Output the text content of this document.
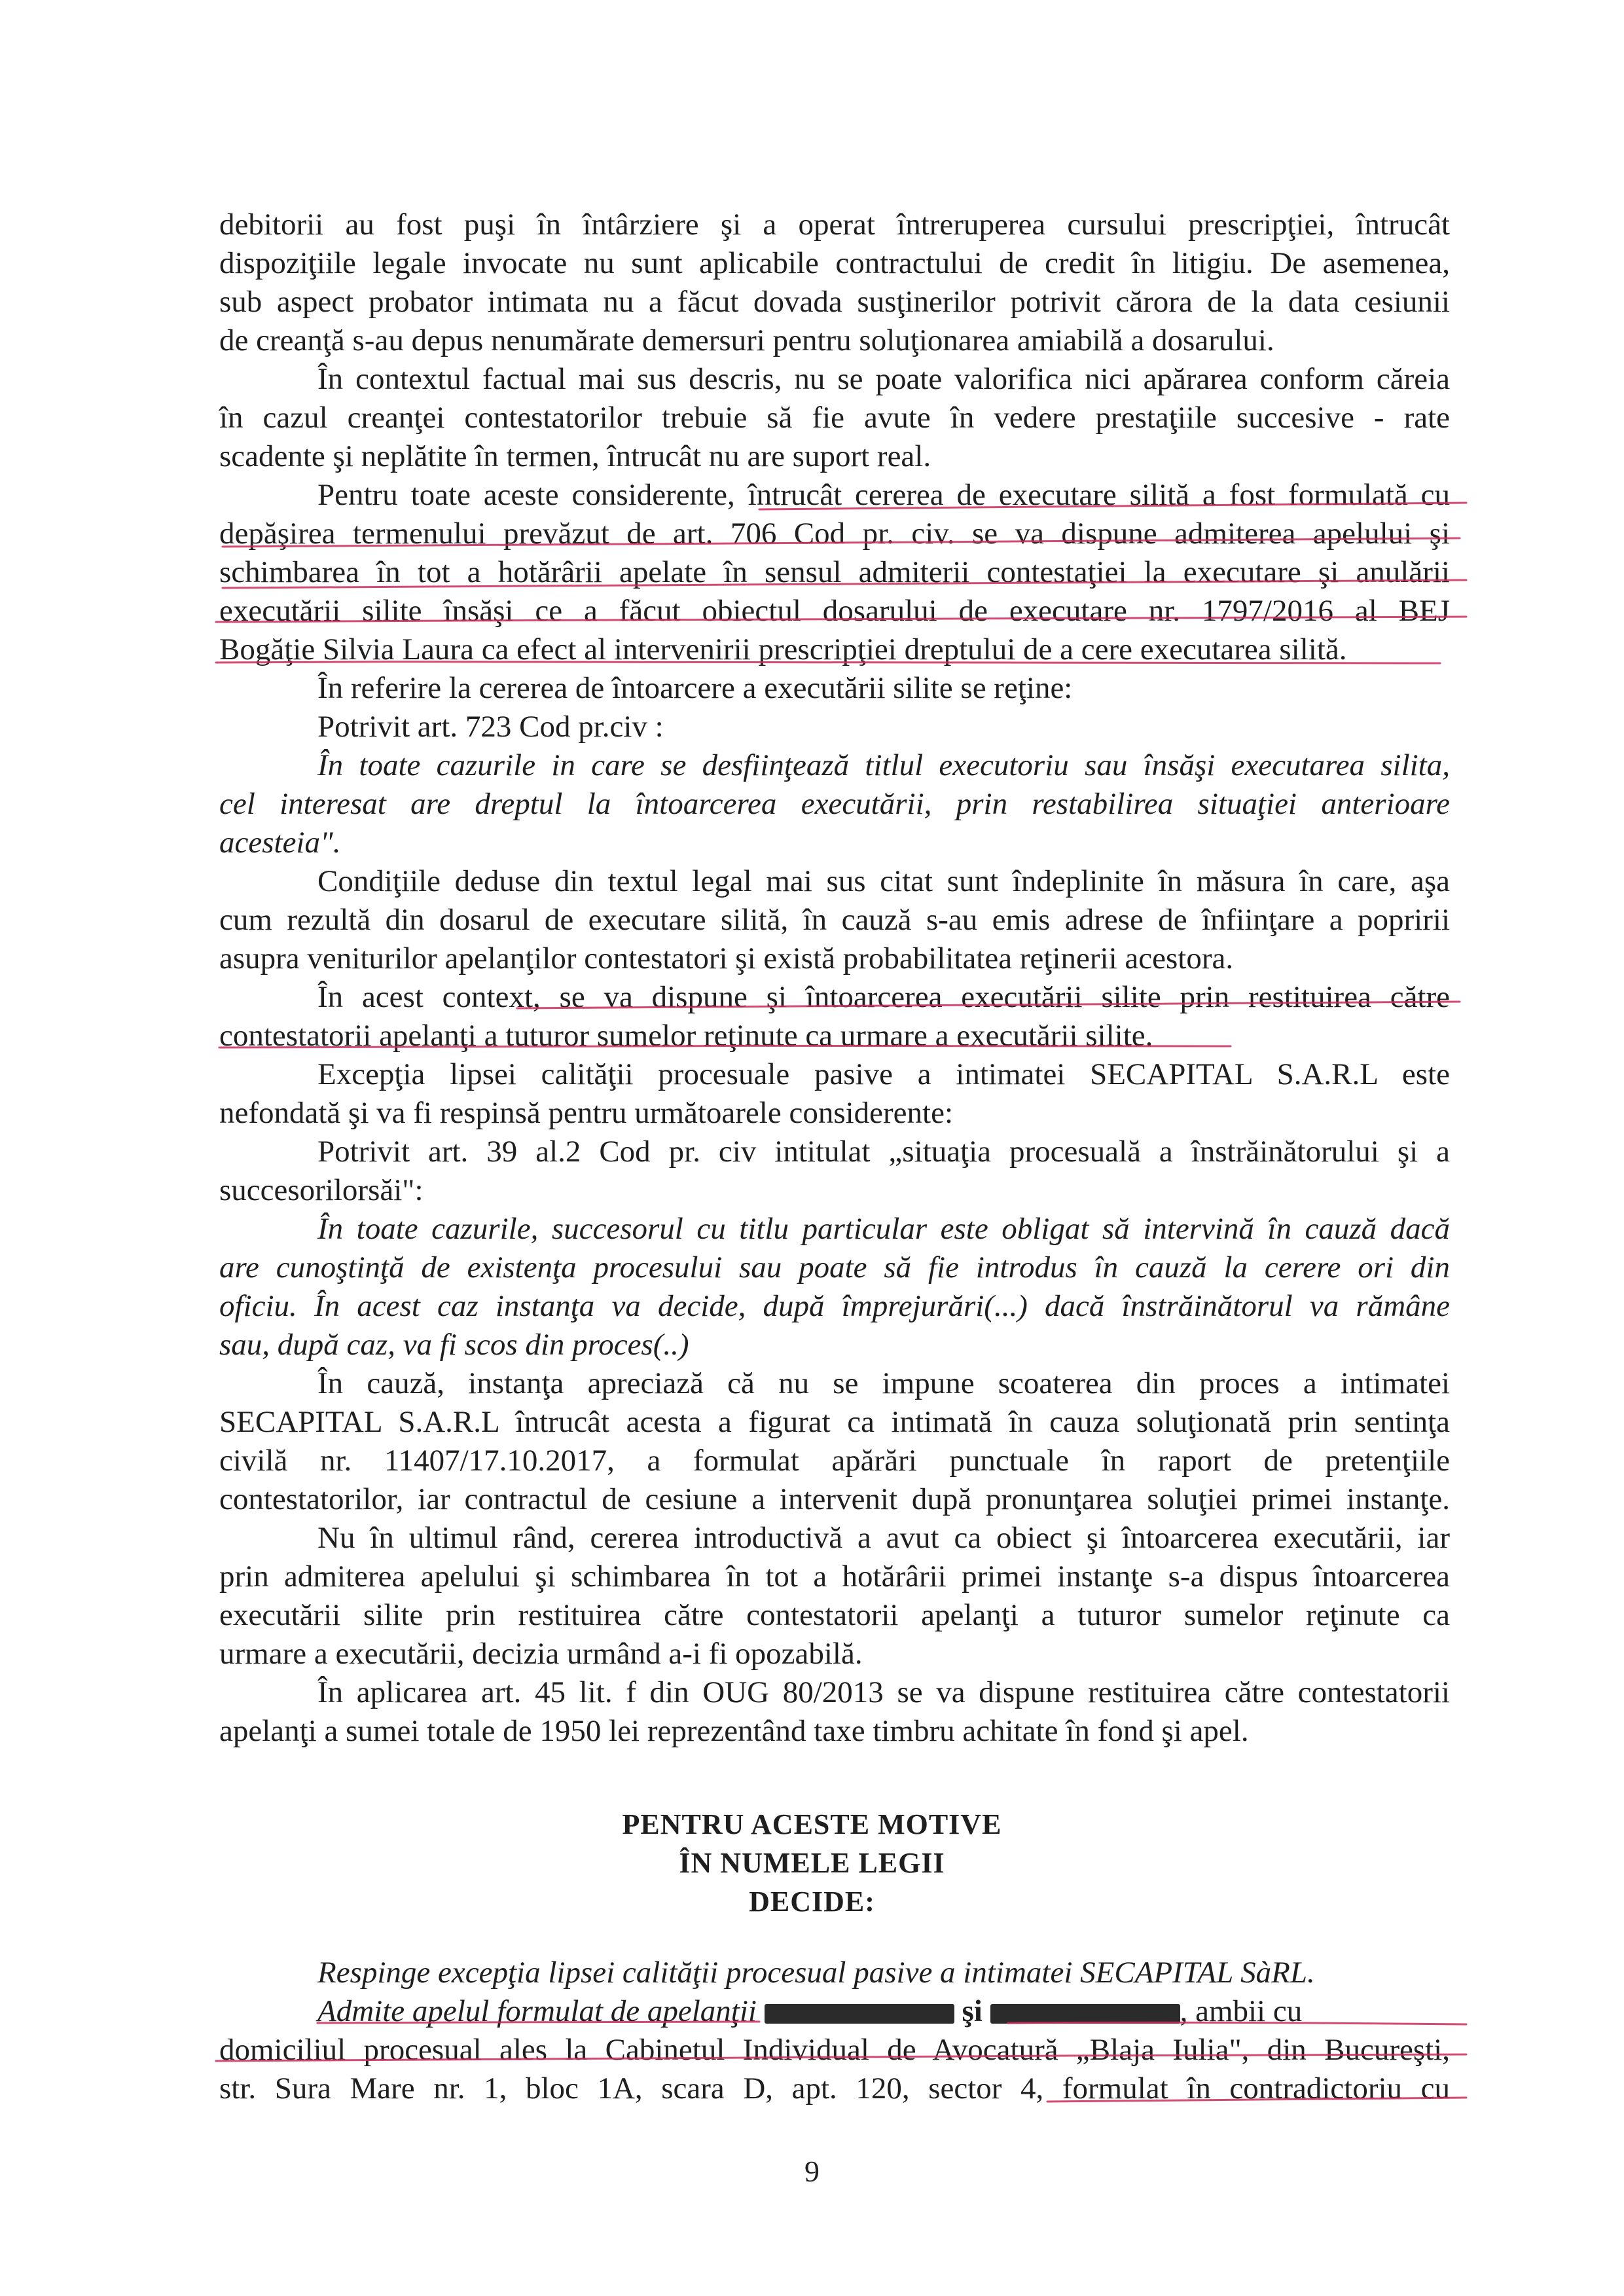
debitorii au fost puşi în întârziere şi a operat întreruperea cursului prescripţiei, întrucât
dispoziţiile legale invocate nu sunt aplicabile contractului de credit în litigiu. De asemenea,
sub aspect probator intimata nu a făcut dovada susţinerilor potrivit cărora de la data cesiunii
de creanţă s-au depus nenumărate demersuri pentru soluţionarea amiabilă a dosarului.
În contextul factual mai sus descris, nu se poate valorifica nici apărarea conform căreia
în cazul creanţei contestatorilor trebuie să fie avute în vedere prestaţiile succesive - rate
scadente şi neplătite în termen, întrucât nu are suport real.
Pentru toate aceste considerente, întrucât cererea de executare silită a fost formulată cu
depăşirea termenului prevăzut de art. 706 Cod pr. civ. se va dispune admiterea apelului şi
schimbarea în tot a hotărârii apelate în sensul admiterii contestaţiei la executare şi anulării
executării silite însăşi ce a făcut obiectul dosarului de executare nr. 1797/2016 al BEJ
Bogăţie Silvia Laura ca efect al intervenirii prescripţiei dreptului de a cere executarea silită.
În referire la cererea de întoarcere a executării silite se reţine:
Potrivit art. 723 Cod pr.civ :
În toate cazurile in care se desfiinţează titlul executoriu sau însăşi executarea silita,
cel interesat are dreptul la întoarcerea executării, prin restabilirea situaţiei anterioare
acesteia".
Condiţiile deduse din textul legal mai sus citat sunt îndeplinite în măsura în care, aşa
cum rezultă din dosarul de executare silită, în cauză s-au emis adrese de înfiinţare a popririi
asupra veniturilor apelanţilor contestatori şi există probabilitatea reţinerii acestora.
În acest context, se va dispune şi întoarcerea executării silite prin restituirea către
contestatorii apelanţi a tuturor sumelor reţinute ca urmare a executării silite.
Excepţia lipsei calităţii procesuale pasive a intimatei SECAPITAL S.A.R.L este
nefondată şi va fi respinsă pentru următoarele considerente:
Potrivit art. 39 al.2 Cod pr. civ intitulat „situaţia procesuală a înstrăinătorului şi a
succesorilorsăi":
În toate cazurile, succesorul cu titlu particular este obligat să intervină în cauză dacă
are cunoştinţă de existenţa procesului sau poate să fie introdus în cauză la cerere ori din
oficiu. În acest caz instanţa va decide, după împrejurări(...) dacă înstrăinătorul va rămâne
sau, după caz, va fi scos din proces(..)
În cauză, instanţa apreciază că nu se impune scoaterea din proces a intimatei
SECAPITAL S.A.R.L întrucât acesta a figurat ca intimată în cauza soluţionată prin sentinţa
civilă nr. 11407/17.10.2017, a formulat apărări punctuale în raport de pretenţiile
contestatorilor, iar contractul de cesiune a intervenit după pronunţarea soluţiei primei instanţe.
Nu în ultimul rând, cererea introductivă a avut ca obiect şi întoarcerea executării, iar
prin admiterea apelului şi schimbarea în tot a hotărârii primei instanţe s-a dispus întoarcerea
executării silite prin restituirea către contestatorii apelanţi a tuturor sumelor reţinute ca
urmare a executării, decizia urmând a-i fi opozabilă.
În aplicarea art. 45 lit. f din OUG 80/2013 se va dispune restituirea către contestatorii
apelanţi a sumei totale de 1950 lei reprezentând taxe timbru achitate în fond şi apel.
PENTRU ACESTE MOTIVE
ÎN NUMELE LEGII
DECIDE:
Respinge excepţia lipsei calităţii procesual pasive a intimatei SECAPITAL SàRL.
Admite apelul formulat de apelanţii	şi	, ambii cu
domiciliul procesual ales la Cabinetul Individual de Avocatură „Blaja Iulia", din Bucureşti,
str. Sura Mare nr. 1, bloc 1A, scara D, apt. 120, sector 4, formulat în contradictoriu cu
9
